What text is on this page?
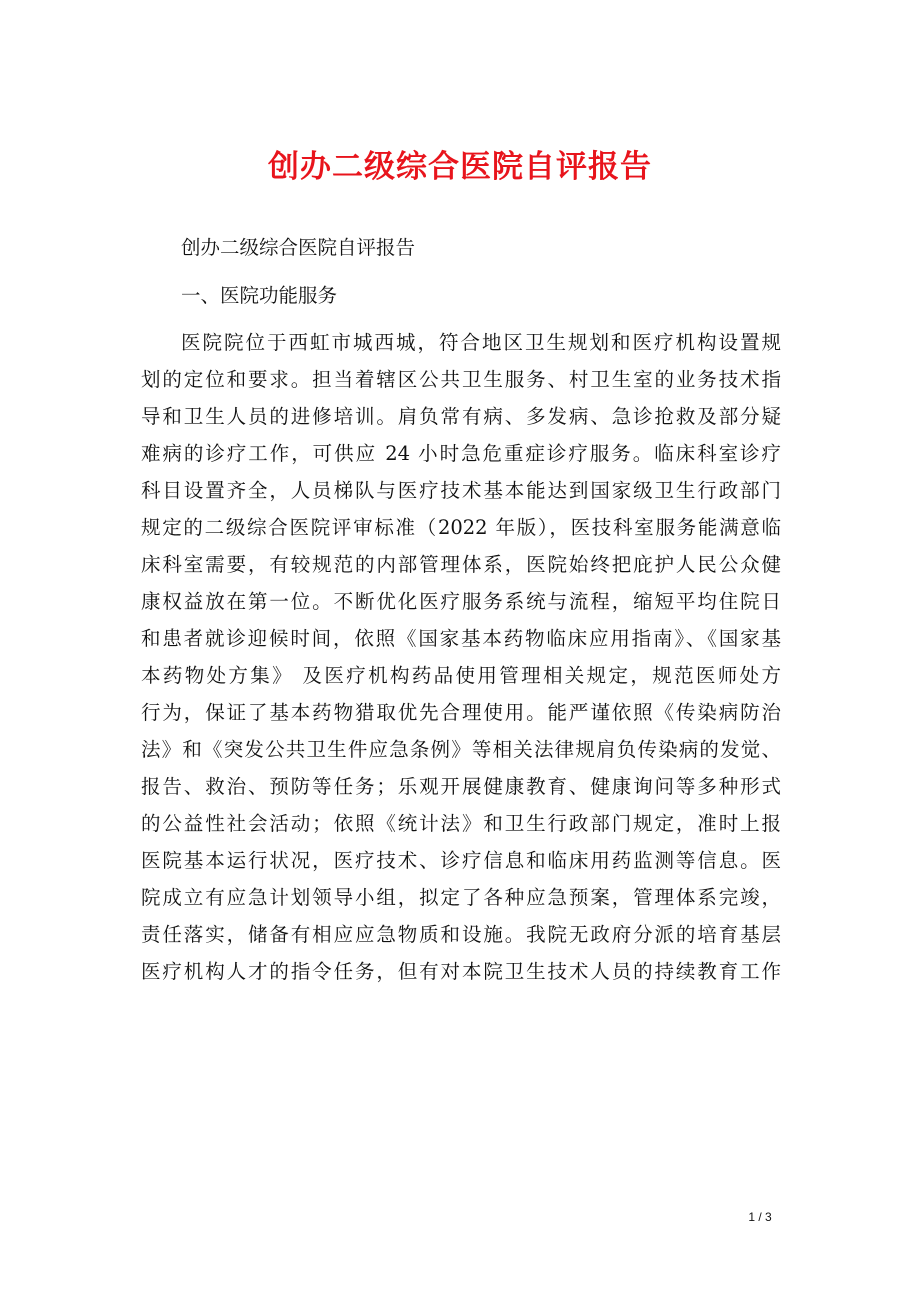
创办二级综合医院自评报告
创办二级综合医院自评报告
一、医院功能服务
医院院位于西虹市城西城，符合地区卫生规划和医疗机构设置规
划的定位和要求。担当着辖区公共卫生服务、村卫生室的业务技术指
导和卫生人员的进修培训。肩负常有病、多发病、急诊抢救及部分疑
难病的诊疗工作，可供应 24 小时急危重症诊疗服务。临床科室诊疗
科目设置齐全，人员梯队与医疗技术基本能达到国家级卫生行政部门
规定的二级综合医院评审标准（2022 年版），医技科室服务能满意临
床科室需要，有较规范的内部管理体系，医院始终把庇护人民公众健
康权益放在第一位。不断优化医疗服务系统与流程，缩短平均住院日
和患者就诊迎候时间，依照《国家基本药物临床应用指南》、《国家基
本药物处方集》 及医疗机构药品使用管理相关规定，规范医师处方
行为，保证了基本药物猎取优先合理使用。能严谨依照《传染病防治
法》和《突发公共卫生件应急条例》等相关法律规肩负传染病的发觉、
报告、救治、预防等任务；乐观开展健康教育、健康询问等多种形式
的公益性社会活动；依照《统计法》和卫生行政部门规定，准时上报
医院基本运行状况，医疗技术、诊疗信息和临床用药监测等信息。医
院成立有应急计划领导小组，拟定了各种应急预案，管理体系完竣，
责任落实，储备有相应应急物质和设施。我院无政府分派的培育基层
医疗机构人才的指令任务，但有对本院卫生技术人员的持续教育工作
1 / 3
